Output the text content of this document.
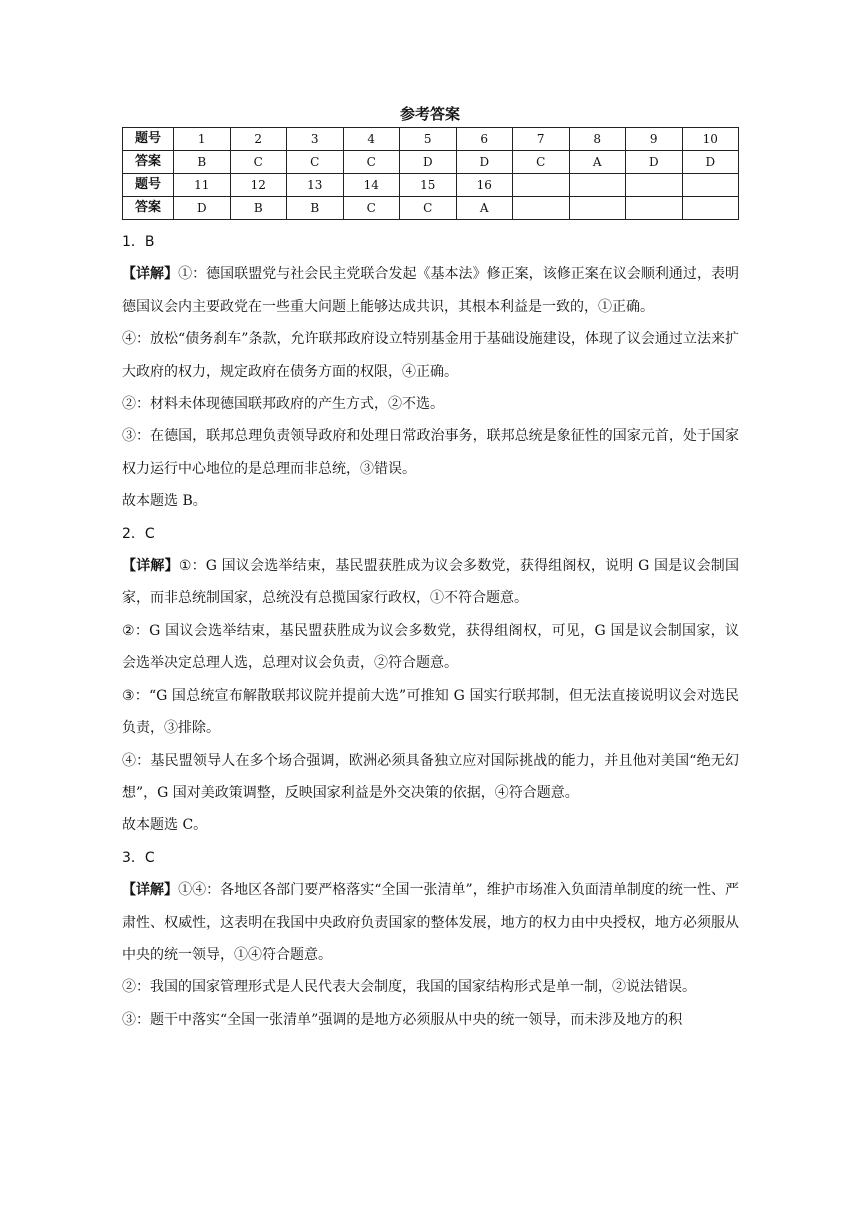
参考答案
题号	1	2	3	4	5	6	7	8	9	10
答案	B	C	C	C	D	D	C	A	D	D
题号	11	12	13	14	15	16				
答案	D	B	B	C	C	A				

1．B

【详解】①：德国联盟党与社会民主党联合发起《基本法》修正案，该修正案在议会顺利通过，表明德国议会内主要政党在一些重大问题上能够达成共识，其根本利益是一致的，①正确。

④：放松“债务刹车”条款，允许联邦政府设立特别基金用于基础设施建设，体现了议会通过立法来扩大政府的权力，规定政府在债务方面的权限，④正确。

②：材料未体现德国联邦政府的产生方式，②不选。

③：在德国，联邦总理负责领导政府和处理日常政治事务，联邦总统是象征性的国家元首，处于国家权力运行中心地位的是总理而非总统，③错误。

故本题选 B。

2．C

【详解】①：G 国议会选举结束，基民盟获胜成为议会多数党，获得组阁权，说明 G 国是议会制国家，而非总统制国家，总统没有总揽国家行政权，①不符合题意。

②：G 国议会选举结束，基民盟获胜成为议会多数党，获得组阁权，可见，G 国是议会制国家，议会选举决定总理人选，总理对议会负责，②符合题意。

③：“G 国总统宣布解散联邦议院并提前大选”可推知 G 国实行联邦制，但无法直接说明议会对选民负责，③排除。

④：基民盟领导人在多个场合强调，欧洲必须具备独立应对国际挑战的能力，并且他对美国“绝无幻想”，G 国对美政策调整，反映国家利益是外交决策的依据，④符合题意。

故本题选 C。

3．C

【详解】①④：各地区各部门要严格落实“全国一张清单”，维护市场准入负面清单制度的统一性、严肃性、权威性，这表明在我国中央政府负责国家的整体发展，地方的权力由中央授权，地方必须服从中央的统一领导，①④符合题意。

②：我国的国家管理形式是人民代表大会制度，我国的国家结构形式是单一制，②说法错误。

③：题干中落实“全国一张清单”强调的是地方必须服从中央的统一领导，而未涉及地方的积
